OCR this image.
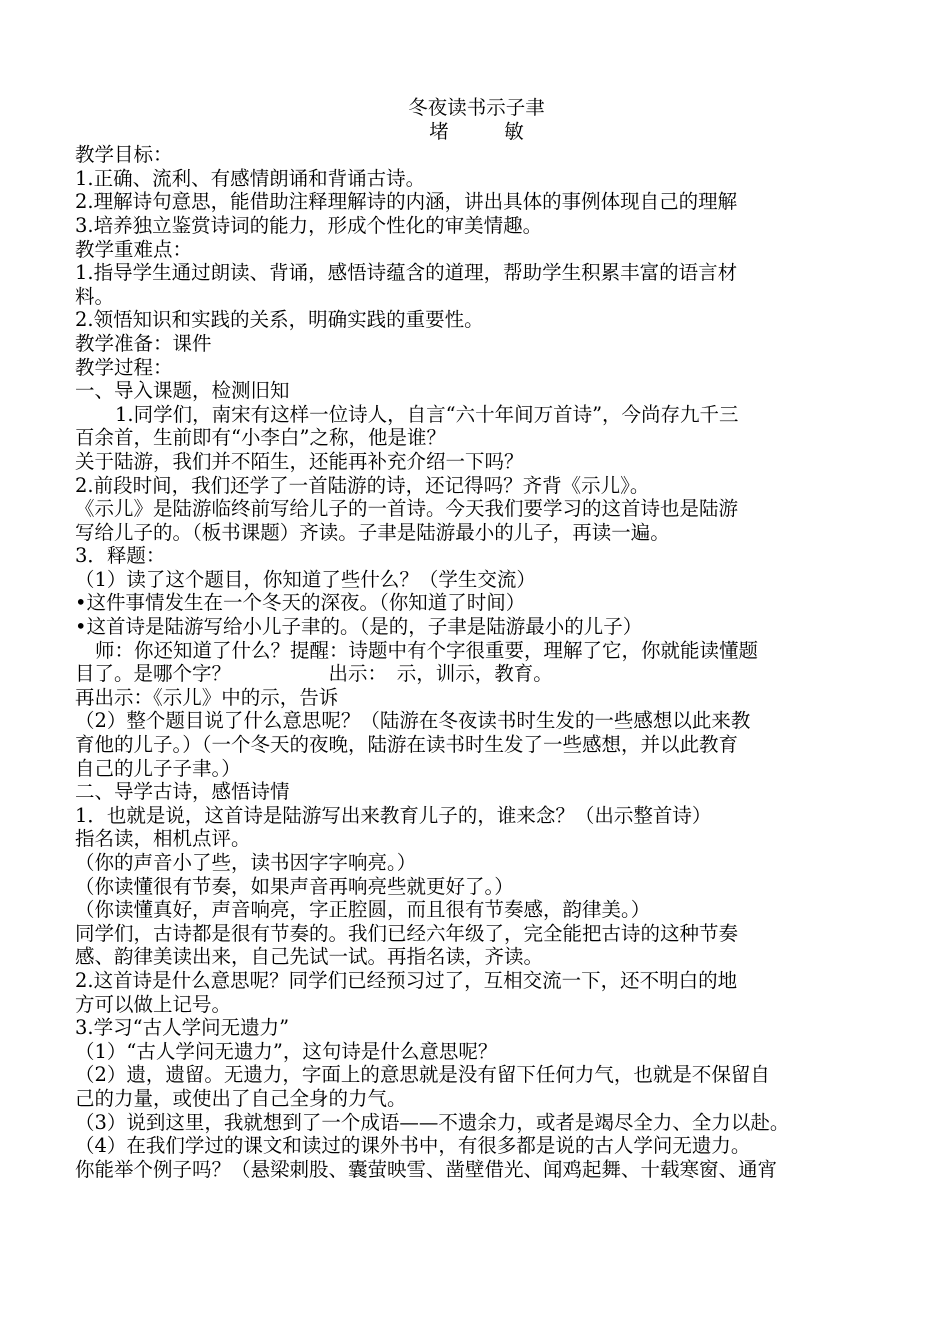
冬夜读书示子聿

堵　敏

教学目标：

1.正确、流利、有感情朗诵和背诵古诗。

2.理解诗句意思，能借助注释理解诗的内涵，讲出具体的事例体现自己的理解

3.培养独立鉴赏诗词的能力，形成个性化的审美情趣。

教学重难点：

1.指导学生通过朗读、背诵，感悟诗蕴含的道理，帮助学生积累丰富的语言材

料。

2.领悟知识和实践的关系，明确实践的重要性。

教学准备：课件

教学过程：

一、导入课题，检测旧知

1.同学们，南宋有这样一位诗人，自言“六十年间万首诗”，今尚存九千三

百余首，生前即有“小李白”之称，他是谁？

关于陆游，我们并不陌生，还能再补充介绍一下吗？

2.前段时间，我们还学了一首陆游的诗，还记得吗？齐背《示儿》。

《示儿》是陆游临终前写给儿子的一首诗。今天我们要学习的这首诗也是陆游

写给儿子的。（板书课题）齐读。子聿是陆游最小的儿子，再读一遍。

3．释题：

（1）读了这个题目，你知道了些什么？（学生交流）

•这件事情发生在一个冬天的深夜。（你知道了时间）

•这首诗是陆游写给小儿子聿的。（是的，子聿是陆游最小的儿子）

师：你还知道了什么？提醒：诗题中有个字很重要，理解了它，你就能读懂题

目了。是哪个字？　　　　　出示：　示，训示，教育。

再出示：《示儿》中的示，告诉

（2）整个题目说了什么意思呢？（陆游在冬夜读书时生发的一些感想以此来教

育他的儿子。）（一个冬天的夜晚，陆游在读书时生发了一些感想，并以此教育

自己的儿子子聿。）

二、导学古诗，感悟诗情

1．也就是说，这首诗是陆游写出来教育儿子的，谁来念？（出示整首诗）

指名读，相机点评。

（你的声音小了些，读书因字字响亮。）

（你读懂很有节奏，如果声音再响亮些就更好了。）

（你读懂真好，声音响亮，字正腔圆，而且很有节奏感，韵律美。）

同学们，古诗都是很有节奏的。我们已经六年级了，完全能把古诗的这种节奏

感、韵律美读出来，自己先试一试。再指名读，齐读。

2.这首诗是什么意思呢？同学们已经预习过了，互相交流一下，还不明白的地

方可以做上记号。

3.学习“古人学问无遗力”

（1）“古人学问无遗力”，这句诗是什么意思呢？

（2）遗，遗留。无遗力，字面上的意思就是没有留下任何力气，也就是不保留自

己的力量，或使出了自己全身的力气。

（3）说到这里，我就想到了一个成语——不遗余力，或者是竭尽全力、全力以赴。

（4）在我们学过的课文和读过的课外书中，有很多都是说的古人学问无遗力。

你能举个例子吗？（悬梁刺股、囊萤映雪、凿壁借光、闻鸡起舞、十载寒窗、通宵
